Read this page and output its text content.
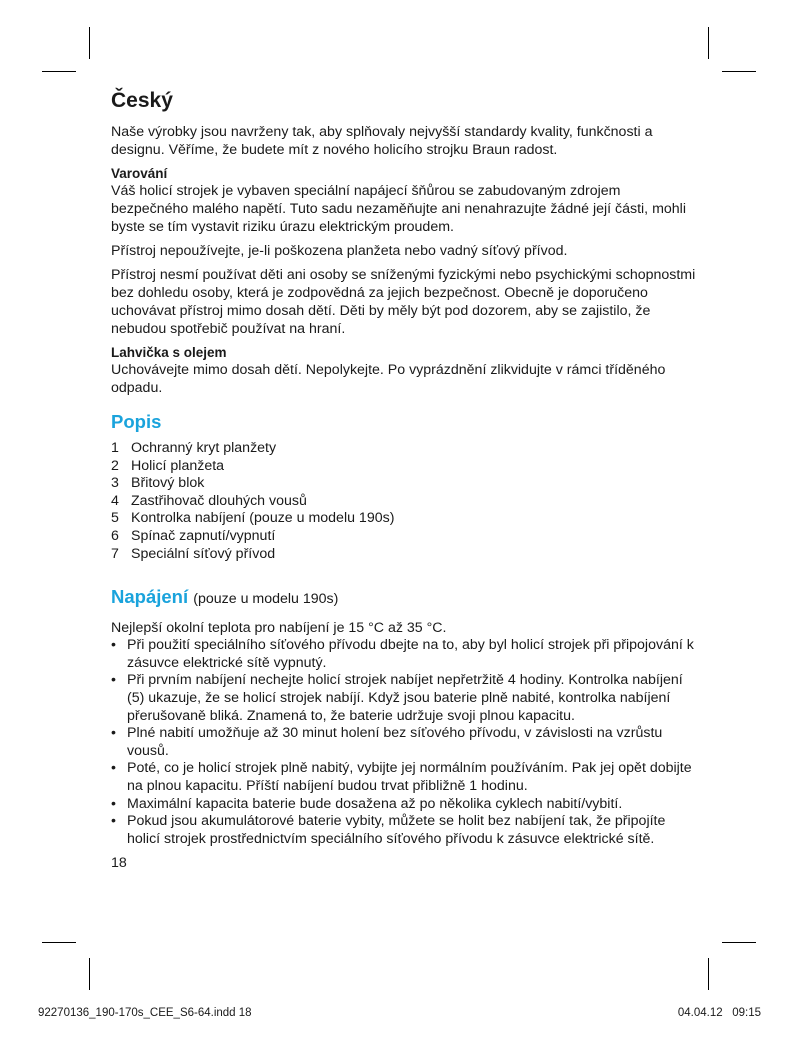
Český

Naše výrobky jsou navrženy tak, aby splňovaly nejvyšší standardy kvality, funkčnosti a designu. Věříme, že budete mít z nového holicího strojku Braun radost.

Varování

Váš holicí strojek je vybaven speciální napájecí šňůrou se zabudovaným zdrojem bezpečného malého napětí. Tuto sadu nezaměňujte ani nenahrazujte žádné její části, mohli byste se tím vystavit riziku úrazu elektrickým proudem.

Přístroj nepoužívejte, je-li poškozena planžeta nebo vadný síťový přívod.

Přístroj nesmí používat děti ani osoby se sníženými fyzickými nebo psychickými schopnostmi bez dohledu osoby, která je zodpovědná za jejich bezpečnost. Obecně je doporučeno uchovávat přístroj mimo dosah dětí. Děti by měly být pod dozorem, aby se zajistilo, že nebudou spotřebič používat na hraní.

Lahvička s olejem

Uchovávejte mimo dosah dětí. Nepolykejte. Po vyprázdnění zlikvidujte v rámci tříděného odpadu.

Popis
1 Ochranný kryt planžety
2 Holicí planžeta
3 Břitový blok
4 Zastřihovač dlouhých vousů
5 Kontrolka nabíjení (pouze u modelu 190s)
6 Spínač zapnutí/vypnutí
7 Speciální síťový přívod
Napájení (pouze u modelu 190s)

Nejlepší okolní teplota pro nabíjení je 15 °C až 35 °C.

• Při použití speciálního síťového přívodu dbejte na to, aby byl holicí strojek při připojování k zásuvce elektrické sítě vypnutý.
• Při prvním nabíjení nechejte holicí strojek nabíjet nepřetržitě 4 hodiny. Kontrolka nabíjení (5) ukazuje, že se holicí strojek nabíjí. Když jsou baterie plně nabité, kontrolka nabíjení přerušovaně bliká. Znamená to, že baterie udržuje svoji plnou kapacitu.
• Plné nabití umožňuje až 30 minut holení bez síťového přívodu, v závislosti na vzrůstu vousů.
• Poté, co je holicí strojek plně nabitý, vybijte jej normálním používáním. Pak jej opět dobijte na plnou kapacitu. Příští nabíjení budou trvat přibližně 1 hodinu.
• Maximální kapacita baterie bude dosažena až po několika cyklech nabití/vybití.
• Pokud jsou akumulátorové baterie vybity, můžete se holit bez nabíjení tak, že připojíte holicí strojek prostřednictvím speciálního síťového přívodu k zásuvce elektrické sítě.
18
92270136_190-170s_CEE_S6-64.indd 18	04.04.12   09:15
